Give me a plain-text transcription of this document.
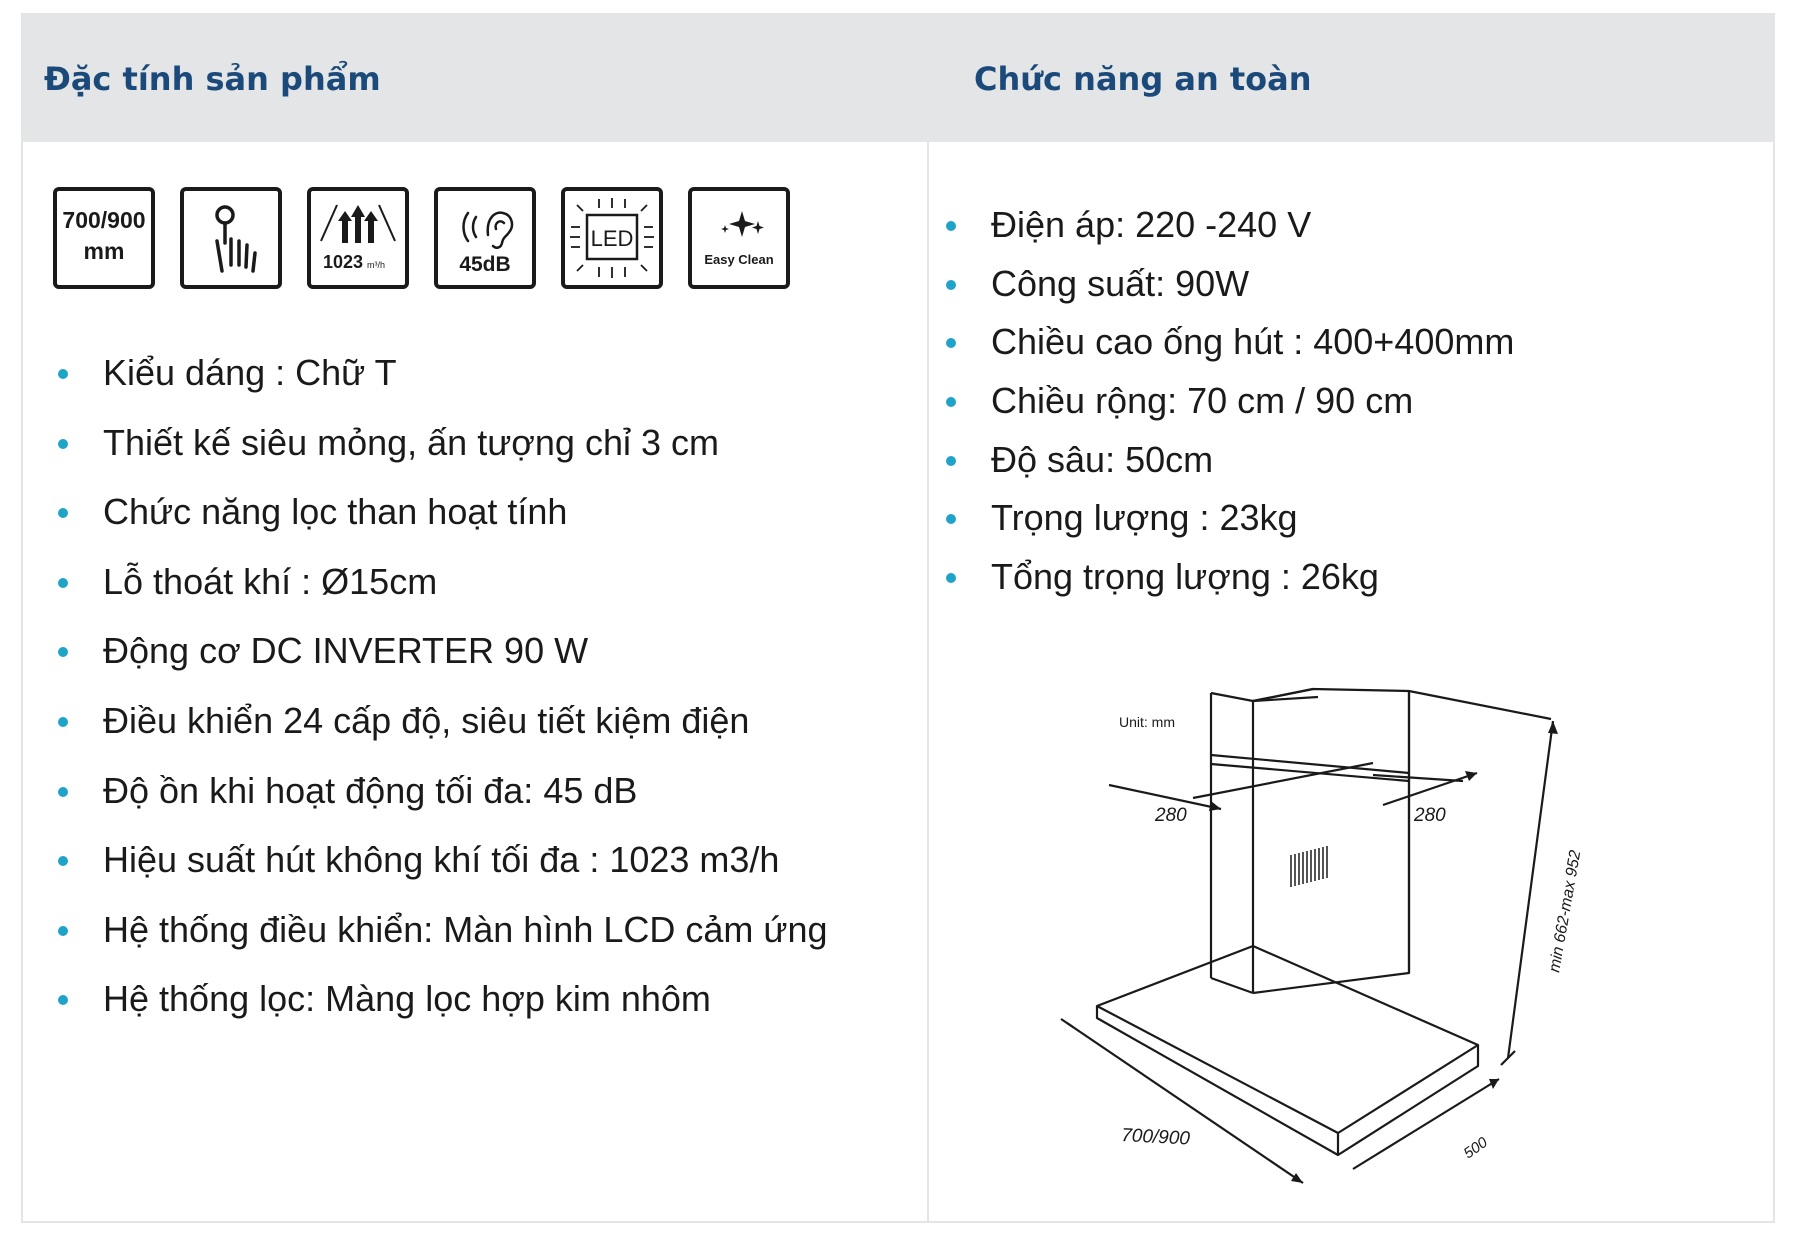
Đặc tính sản phẩm	Chức năng an toàn
700/900
mm	1023 m³/h	45dB
LED
Easy Clean
Kiểu dáng : Chữ T
Thiết kế siêu mỏng, ấn tượng chỉ 3 cm
Chức năng lọc than hoạt tính
Lỗ thoát khí : Ø15cm
Động cơ DC INVERTER 90 W
Điều khiển 24 cấp độ, siêu tiết kiệm điện
Độ ồn khi hoạt động tối đa: 45 dB
Hiệu suất hút không khí tối đa : 1023 m3/h
Hệ thống điều khiển: Màn hình LCD cảm ứng
Hệ thống lọc: Màng lọc hợp kim nhôm
Điện áp: 220 -240 V
Công suất: 90W
Chiều cao ống hút : 400+400mm
Chiều rộng: 70 cm / 90 cm
Độ sâu: 50cm
Trọng lượng : 23kg
Tổng trọng lượng : 26kg
Unit: mm
280	280
min 662-max 952
700/900	500
